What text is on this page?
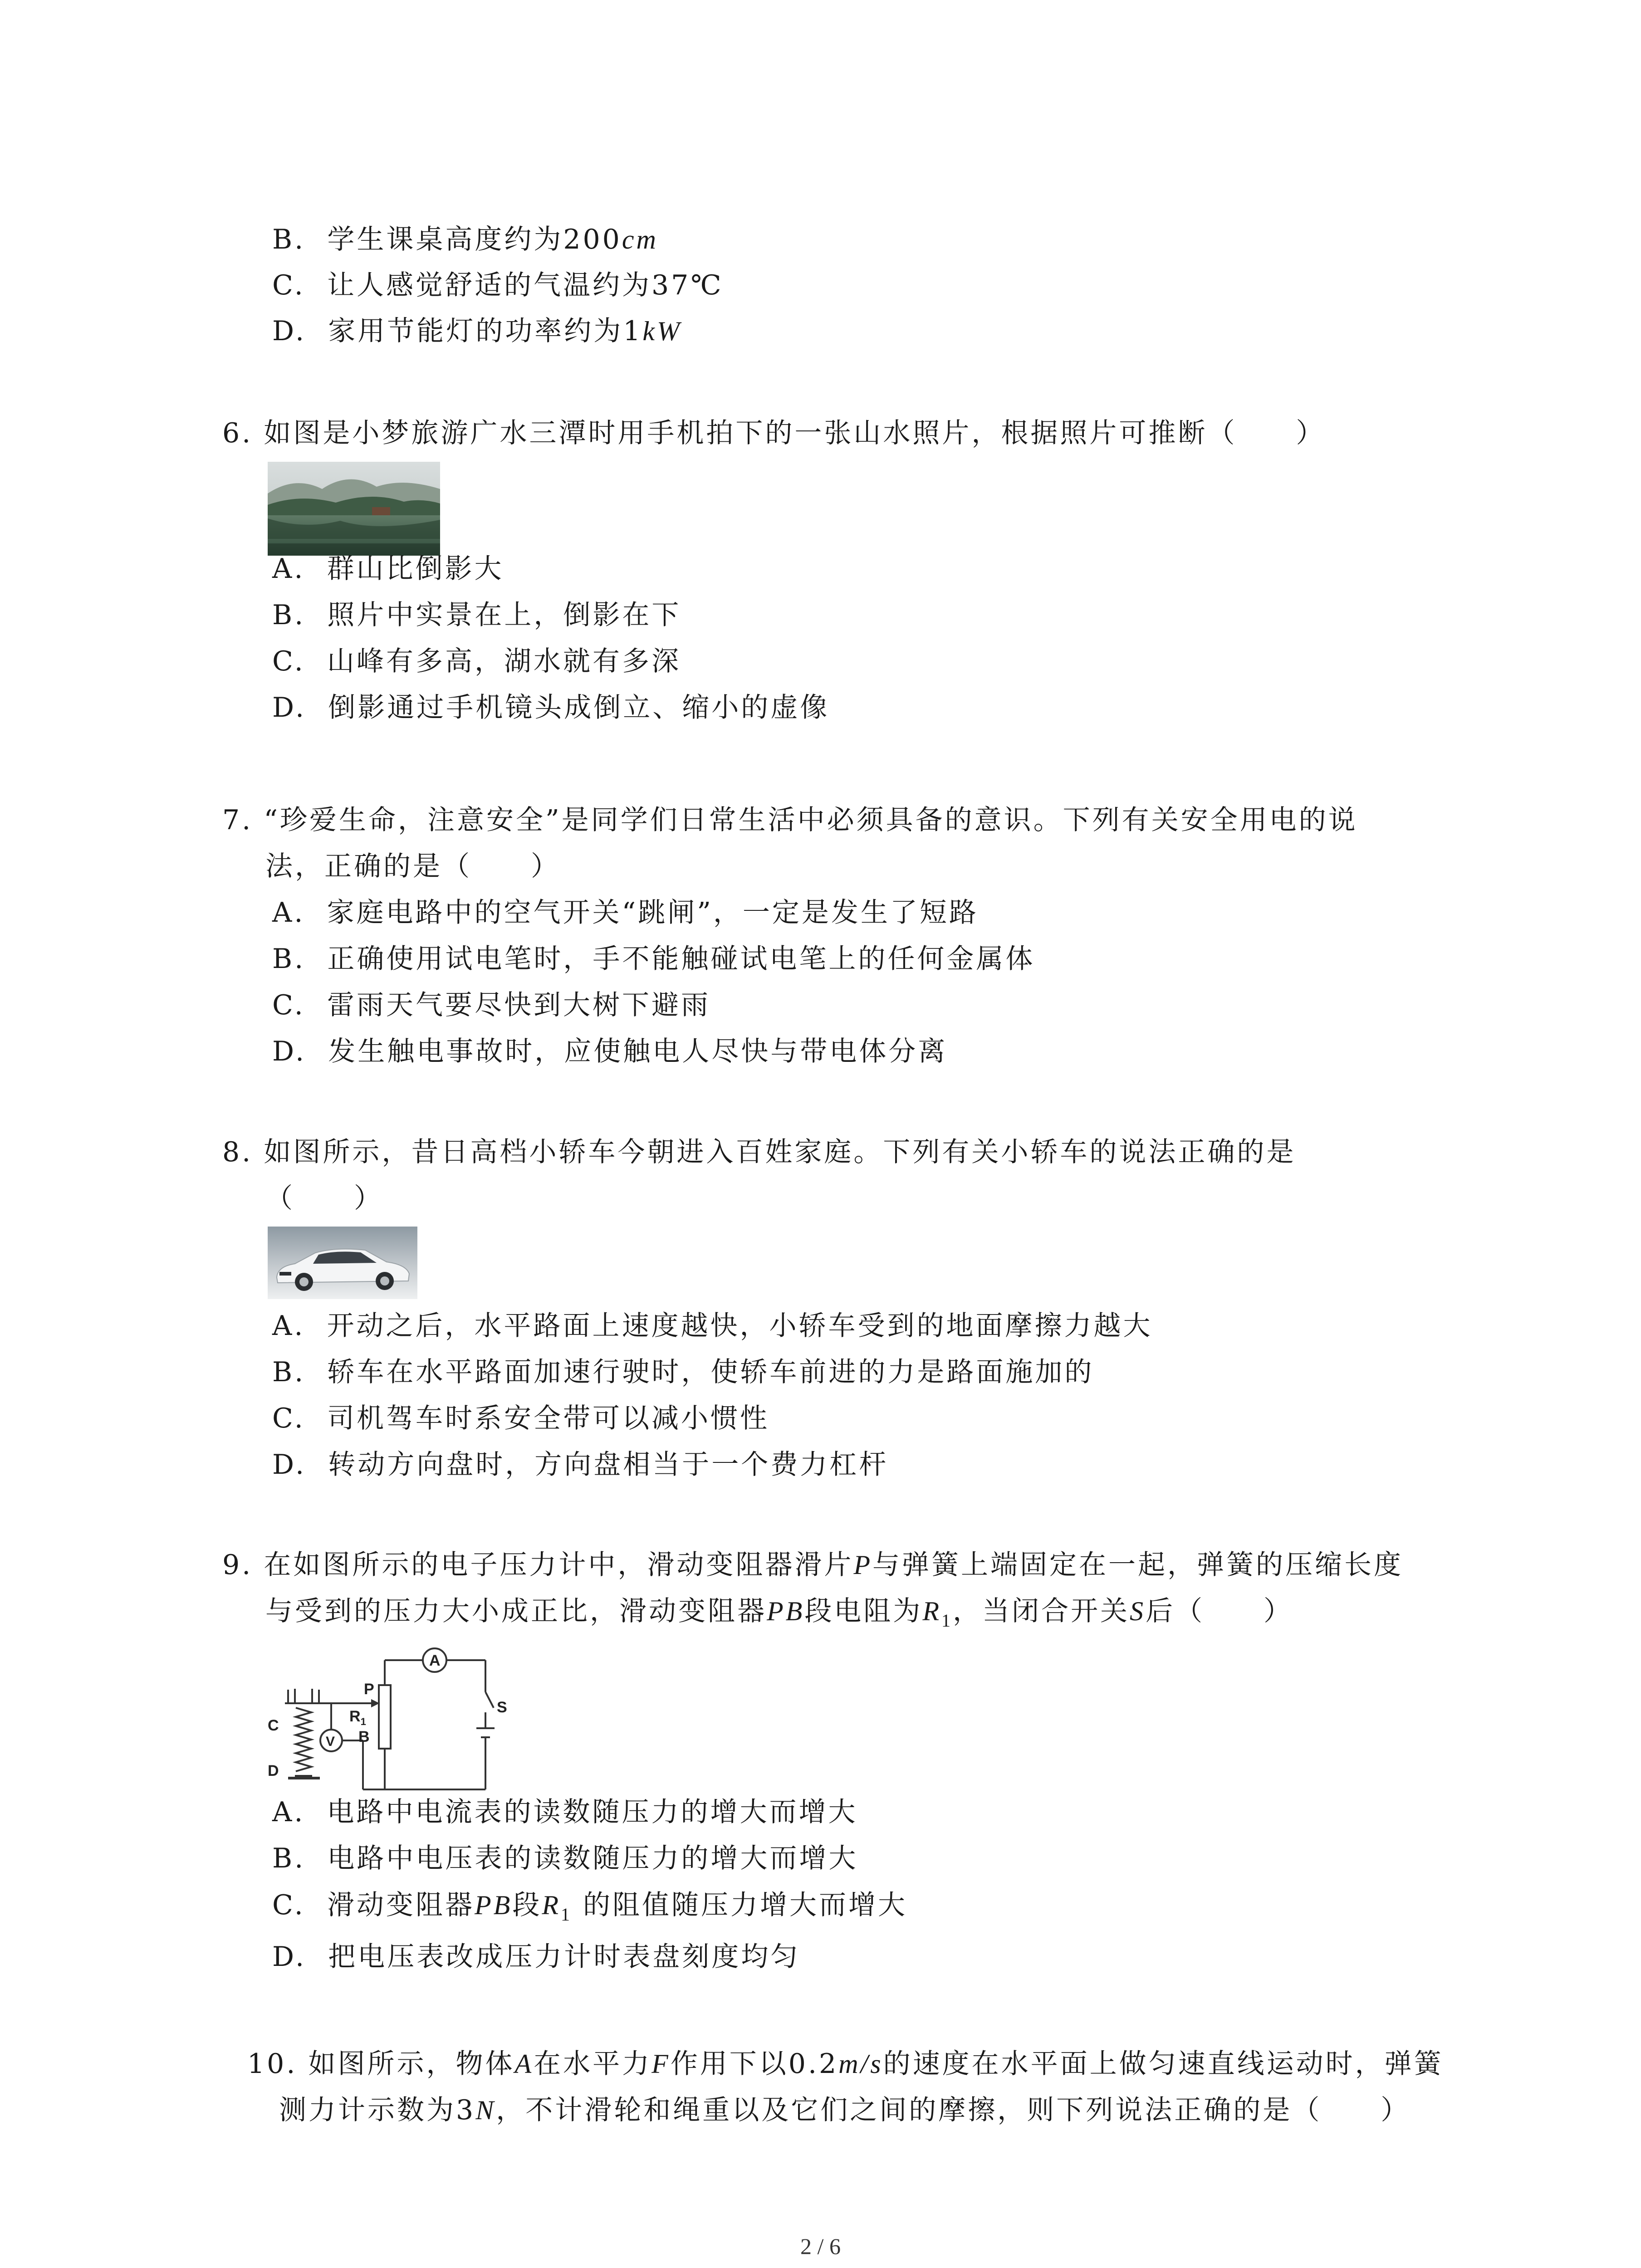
B. 学生课桌高度约为200cm
C. 让人感觉舒适的气温约为37℃
D. 家用节能灯的功率约为1kW
6. 如图是小梦旅游广水三潭时用手机拍下的一张山水照片，根据照片可推断（　　）
A. 群山比倒影大
B. 照片中实景在上，倒影在下
C. 山峰有多高，湖水就有多深
D. 倒影通过手机镜头成倒立、缩小的虚像
7. “珍爱生命，注意安全”是同学们日常生活中必须具备的意识。下列有关安全用电的说
法，正确的是（　　）
A. 家庭电路中的空气开关“跳闸”，一定是发生了短路
B. 正确使用试电笔时，手不能触碰试电笔上的任何金属体
C. 雷雨天气要尽快到大树下避雨
D. 发生触电事故时，应使触电人尽快与带电体分离
8. 如图所示，昔日高档小轿车今朝进入百姓家庭。下列有关小轿车的说法正确的是
（　　）
A. 开动之后，水平路面上速度越快，小轿车受到的地面摩擦力越大
B. 轿车在水平路面加速行驶时，使轿车前进的力是路面施加的
C. 司机驾车时系安全带可以减小惯性
D. 转动方向盘时，方向盘相当于一个费力杠杆
9. 在如图所示的电子压力计中，滑动变阻器滑片P与弹簧上端固定在一起，弹簧的压缩长度
与受到的压力大小成正比，滑动变阻器PB段电阻为$R_1$，当闭合开关S后（　　）
A
P
$R_1$
B
V
C
D
S
A. 电路中电流表的读数随压力的增大而增大
B. 电路中电压表的读数随压力的增大而增大
C. 滑动变阻器PB段$R_1$ 的阻值随压力增大而增大
D. 把电压表改成压力计时表盘刻度均匀
10. 如图所示，物体A在水平力F作用下以0.2m/s的速度在水平面上做匀速直线运动时，弹簧
测力计示数为3N，不计滑轮和绳重以及它们之间的摩擦，则下列说法正确的是（　　）
2 / 6
